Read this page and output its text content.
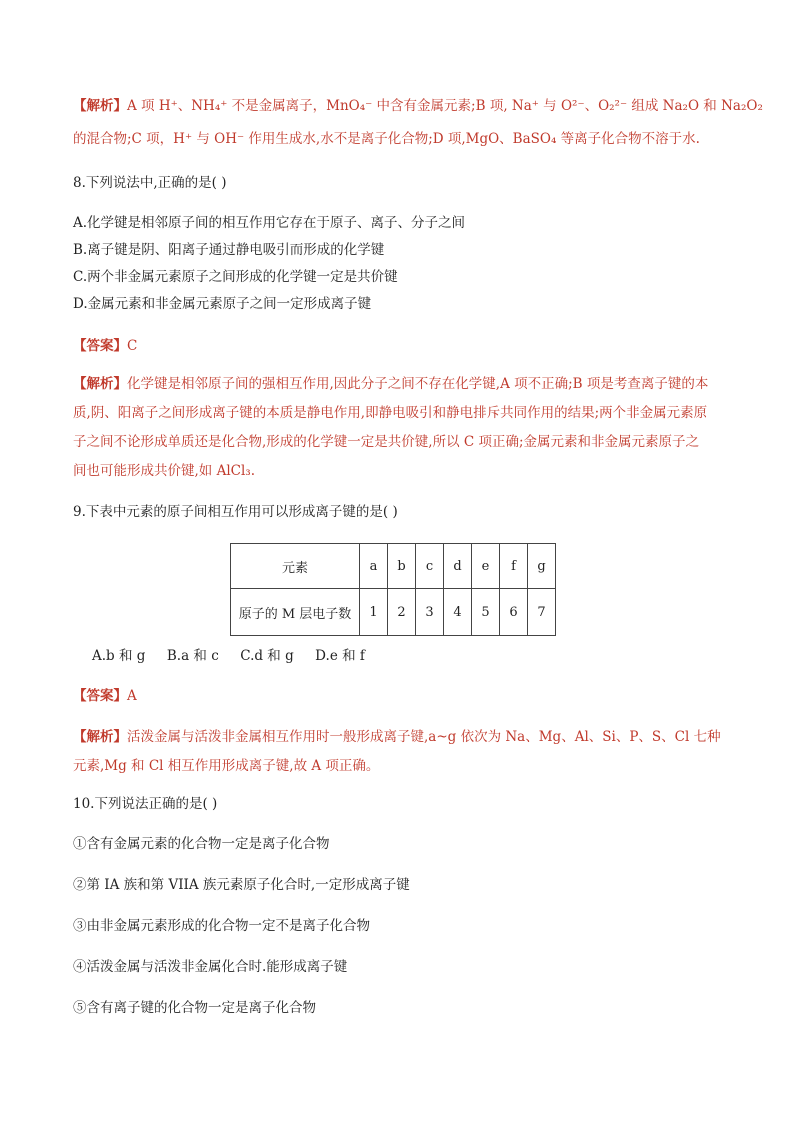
【解析】A 项 H⁺、NH₄⁺ 不是金属离子，MnO₄⁻ 中含有金属元素;B 项, Na⁺ 与 O²⁻、O₂²⁻ 组成 Na₂O 和 Na₂O₂
的混合物;C 项，H⁺ 与 OH⁻ 作用生成水,水不是离子化合物;D 项,MgO、BaSO₄ 等离子化合物不溶于水.
8.下列说法中,正确的是( )
A.化学键是相邻原子间的相互作用它存在于原子、离子、分子之间
B.离子键是阴、阳离子通过静电吸引而形成的化学键
C.两个非金属元素原子之间形成的化学键一定是共价键
D.金属元素和非金属元素原子之间一定形成离子键
【答案】C
【解析】化学键是相邻原子间的强相互作用,因此分子之间不存在化学键,A 项不正确;B 项是考查离子键的本
质,阴、阳离子之间形成离子键的本质是静电作用,即静电吸引和静电排斥共同作用的结果;两个非金属元素原
子之间不论形成单质还是化合物,形成的化学键一定是共价键,所以 C 项正确;金属元素和非金属元素原子之
间也可能形成共价键,如 AlCl₃.
9.下表中元素的原子间相互作用可以形成离子键的是( )
元素	a	b	c	d	e	f	g
原子的 M 层电子数	1	2	3	4	5	6	7
A.b 和 g     B.a 和 c     C.d 和 g     D.e 和 f
【答案】A
【解析】活泼金属与活泼非金属相互作用时一般形成离子键,a~g 依次为 Na、Mg、Al、Si、P、S、Cl 七种
元素,Mg 和 Cl 相互作用形成离子键,故 A 项正确。
10.下列说法正确的是( )
①含有金属元素的化合物一定是离子化合物
②第 IA 族和第 VIIA 族元素原子化合时,一定形成离子键
③由非金属元素形成的化合物一定不是离子化合物
④活泼金属与活泼非金属化合时.能形成离子键
⑤含有离子键的化合物一定是离子化合物
